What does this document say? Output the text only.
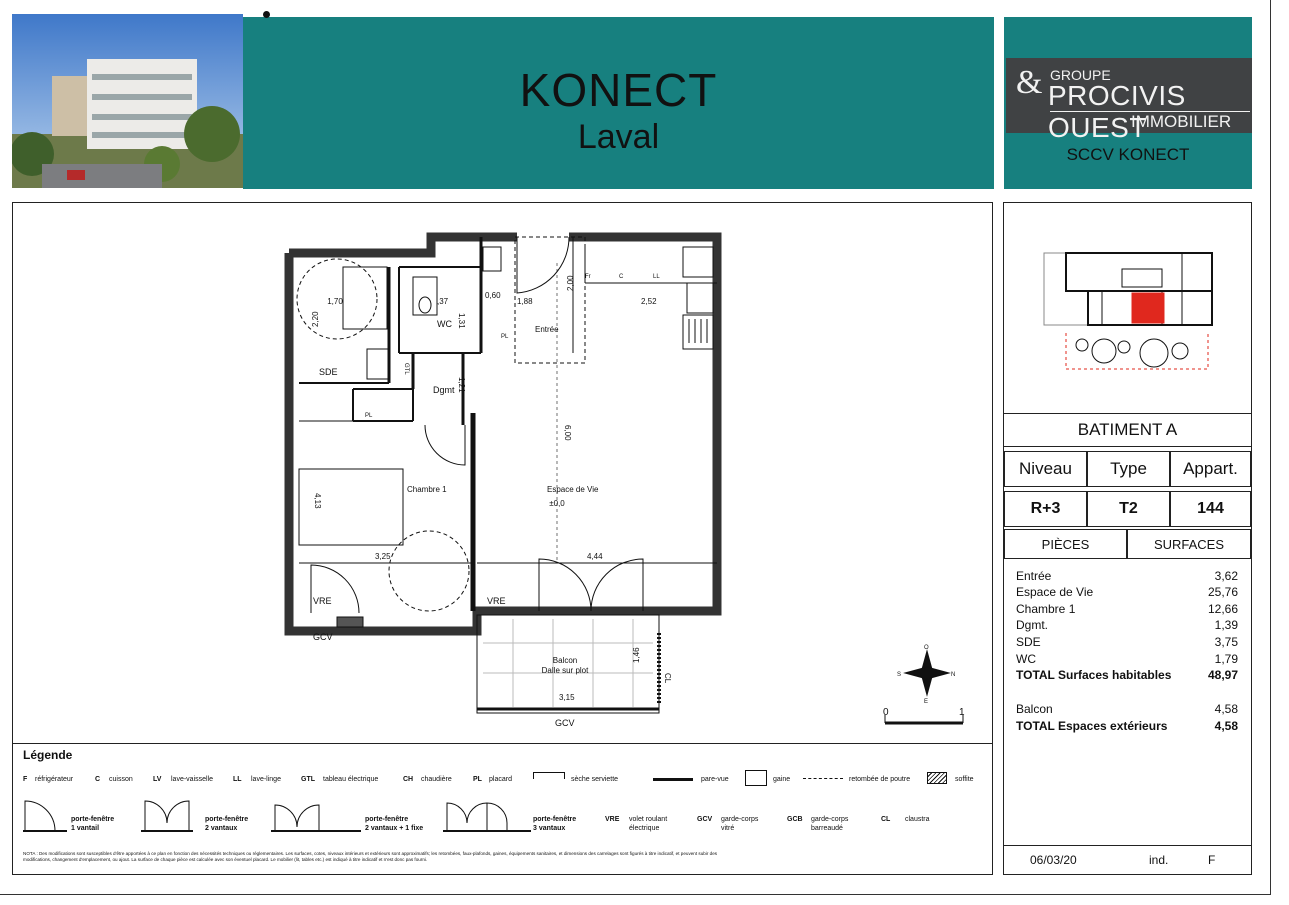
KONECT
Laval	SCCV KONECT
& GROUPE
PROCIVIS OUEST
IMMOBILIER
1,70
2,20
,37
0,60
1,31
1,88
2,00
2,52
1,21
6,00
4,13
3,25	4,44
1,46
3,15
±0,0
SDE
WC
Entrée
Dgmt
Chambre 1	Espace de Vie
Balcon
Dalle sur plot
Fr	C	LL
PL
PL
GTL
VRE	VRE
GCV
GCV
CL
0	1
O
E
N
S
Légende
F réfrigérateur	C cuisson	LV lave-vaisselle	LL lave-linge	GTL tableau électrique	CH chaudière	PL placard	sèche serviette	pare-vue	gaine	retombée de poutre	soffite
porte-fenêtre
1 vantail
porte-fenêtre
2 vantaux
porte-fenêtre
2 vantaux + 1 fixe
porte-fenêtre
3 vantaux
VRE volet roulant
électrique
GCV garde-corps
vitré
GCB garde-corps
barreaudé
CL claustra
NOTA : Des modifications sont susceptibles d'être apportées à ce plan en fonction des nécessités techniques ou réglementaires. Les surfaces, cotes, niveaux intérieurs et extérieurs sont approximatifs; les retombées, faux-plafonds, gaines, équipements sanitaires, et dimensions des carrelages sont figurés à titre indicatif, et peuvent subir des
modifications, changement d'emplacement, ou ajout. La surface de chaque pièce est calculée avec son éventuel placard. Le mobilier (lit, tables etc.) est indiqué à titre indicatif et n'est donc pas fourni.
BATIMENT A
Niveau	Type	Appart.
R+3	T2	144
PIÈCES	SURFACES
Entrée	3,62
Espace de Vie	25,76
Chambre 1	12,66
Dgmt.	1,39
SDE	3,75
WC	1,79
TOTAL Surfaces habitables	48,97
Balcon	4,58
TOTAL Espaces extérieurs	4,58
06/03/20	ind.	F
